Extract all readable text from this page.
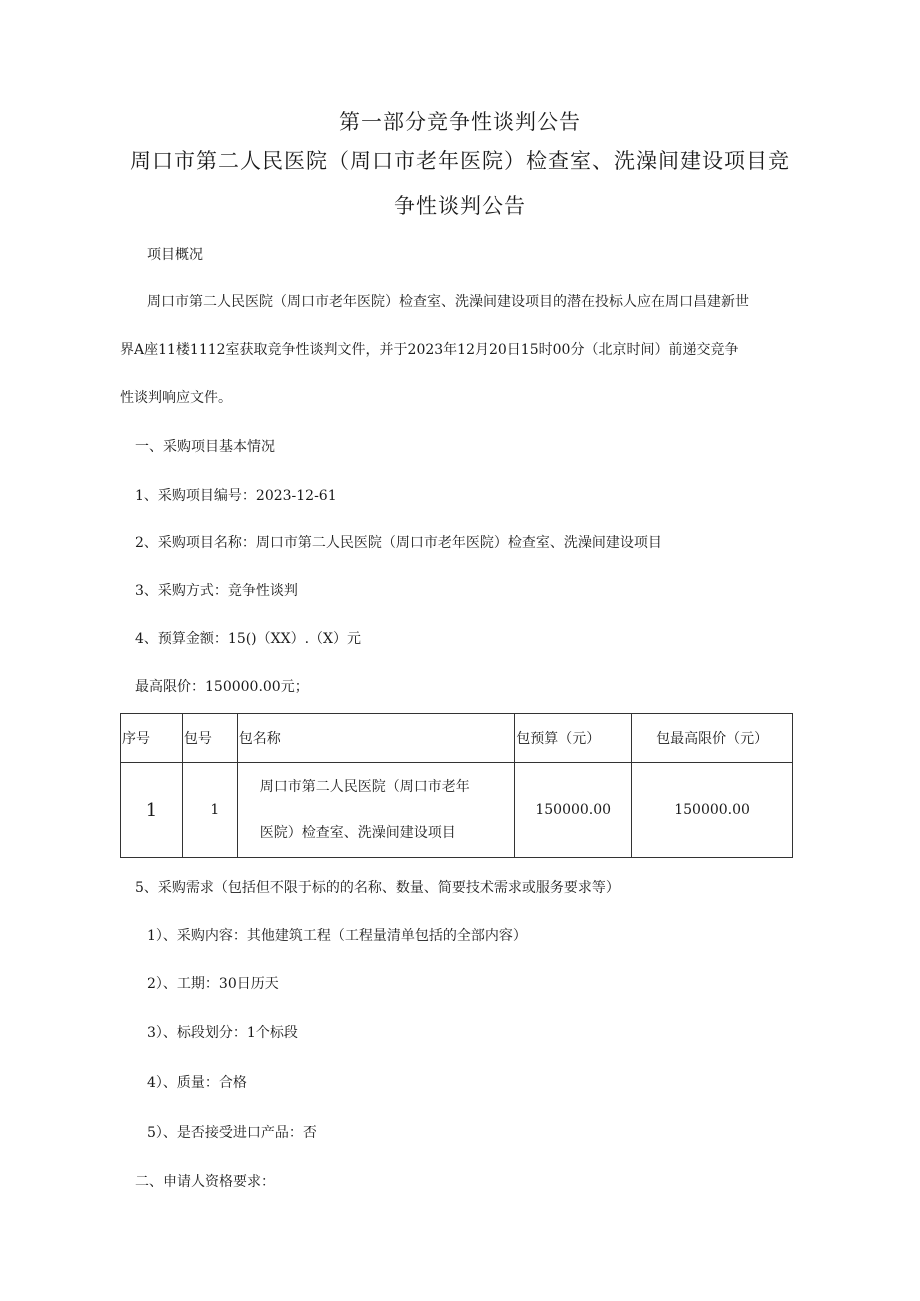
第一部分竞争性谈判公告
周口市第二人民医院（周口市老年医院）检查室、洗澡间建设项目竞
争性谈判公告
项目概况
周口市第二人民医院（周口市老年医院）检查室、洗澡间建设项目的潜在投标人应在周口昌建新世
界A座11楼1112室获取竞争性谈判文件，并于2023年12月20日15时00分（北京时间）前递交竞争
性谈判响应文件。
一、采购项目基本情况
1、采购项目编号：2023-12-61
2、采购项目名称：周口市第二人民医院（周口市老年医院）检查室、洗澡间建设项目
3、采购方式：竞争性谈判
4、预算金额：15()（XX）.（X）元
最高限价：150000.00元；
序号	包号	包名称	包预算（元）	包最高限价（元）
1	1	周口市第二人民医院（周口市老年
医院）检查室、洗澡间建设项目	150000.00	150000.00
5、采购需求（包括但不限于标的的名称、数量、简要技术需求或服务要求等）
1）、采购内容：其他建筑工程（工程量清单包括的全部内容）
2）、工期：30日历天
3）、标段划分：1个标段
4）、质量：合格
5）、是否接受进口产品：否
二、申请人资格要求：
